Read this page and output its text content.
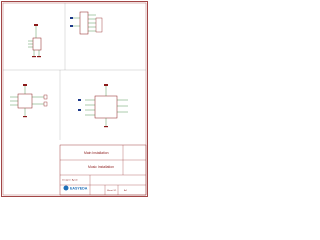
Main Installation
Music Installation
EASYEDA
Designer: Ayush
Sheet 1/1	A4
